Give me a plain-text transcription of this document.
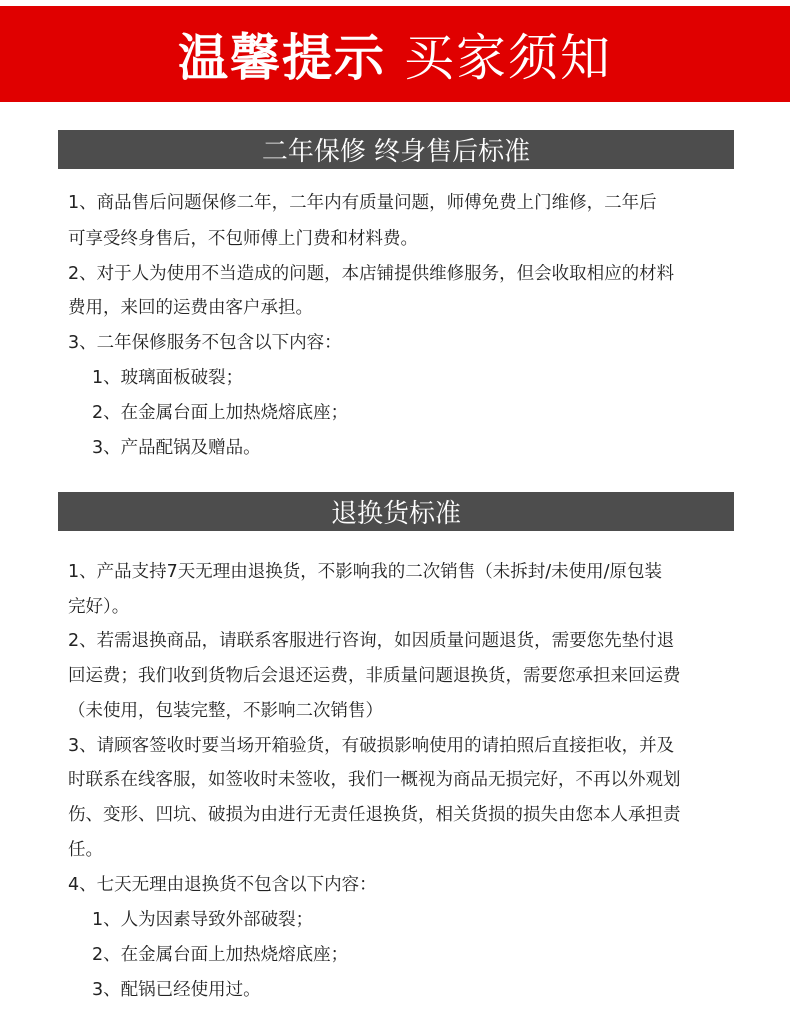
温馨提示 买家须知
二年保修 终身售后标准
1、商品售后问题保修二年，二年内有质量问题，师傅免费上门维修，二年后
可享受终身售后，不包师傅上门费和材料费。
2、对于人为使用不当造成的问题，本店铺提供维修服务，但会收取相应的材料
费用，来回的运费由客户承担。
3、二年保修服务不包含以下内容：
1、玻璃面板破裂；
2、在金属台面上加热烧熔底座；
3、产品配锅及赠品。
退换货标准
1、产品支持7天无理由退换货，不影响我的二次销售（未拆封/未使用/原包装
完好）。
2、若需退换商品，请联系客服进行咨询，如因质量问题退货，需要您先垫付退
回运费；我们收到货物后会退还运费，非质量问题退换货，需要您承担来回运费
（未使用，包装完整，不影响二次销售）
3、请顾客签收时要当场开箱验货，有破损影响使用的请拍照后直接拒收，并及
时联系在线客服，如签收时未签收，我们一概视为商品无损完好，不再以外观划
伤、变形、凹坑、破损为由进行无责任退换货，相关货损的损失由您本人承担责
任。
4、七天无理由退换货不包含以下内容：
1、人为因素导致外部破裂；
2、在金属台面上加热烧熔底座；
3、配锅已经使用过。
